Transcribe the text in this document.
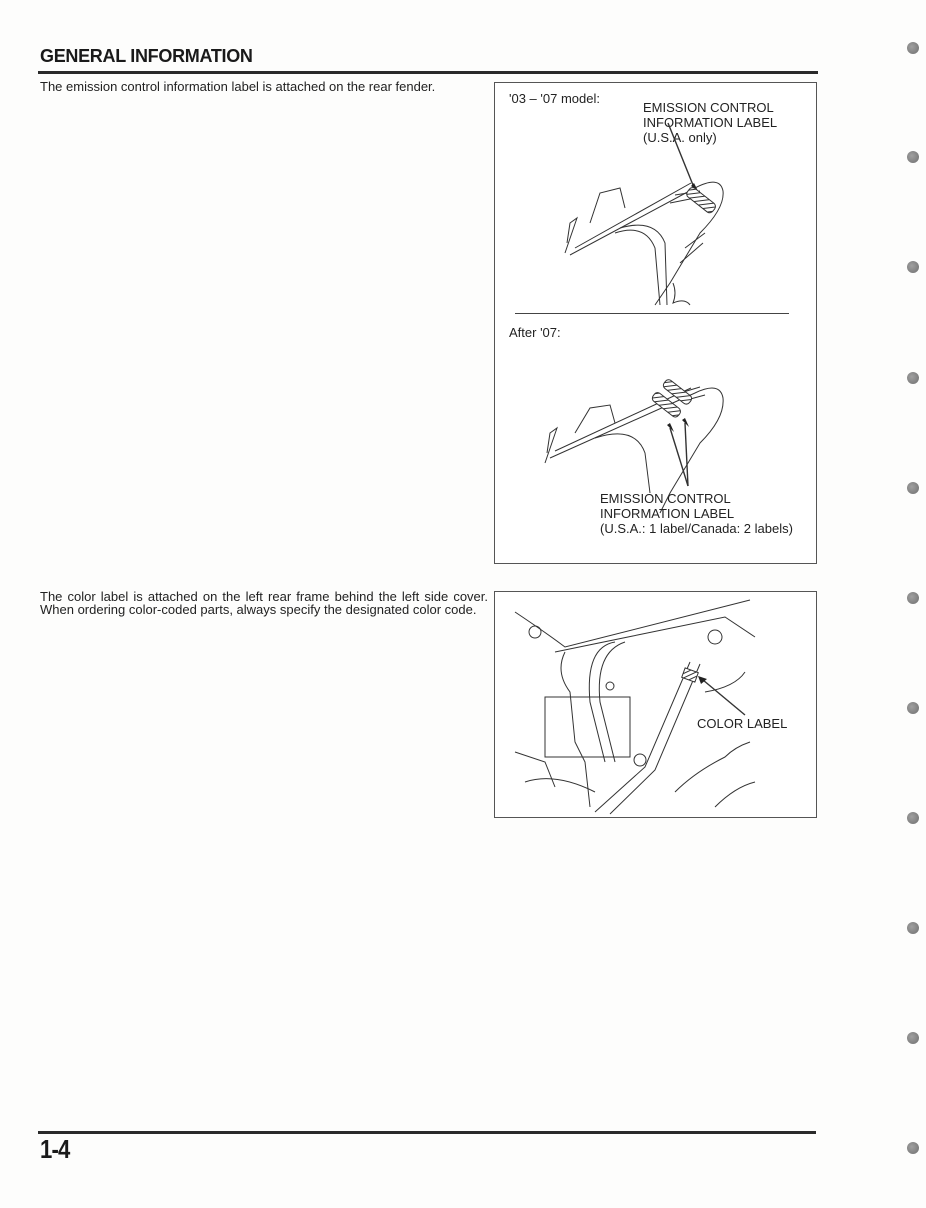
GENERAL INFORMATION
The emission control information label is attached on the rear fender.
'03 – '07 model:
EMISSION CONTROL
INFORMATION LABEL
(U.S.A. only)
After '07:
EMISSION CONTROL
INFORMATION LABEL
(U.S.A.: 1 label/Canada: 2 labels)
The color label is attached on the left rear frame behind the left side cover. When ordering color-coded parts, always specify the designated color code.
COLOR LABEL
1-4
